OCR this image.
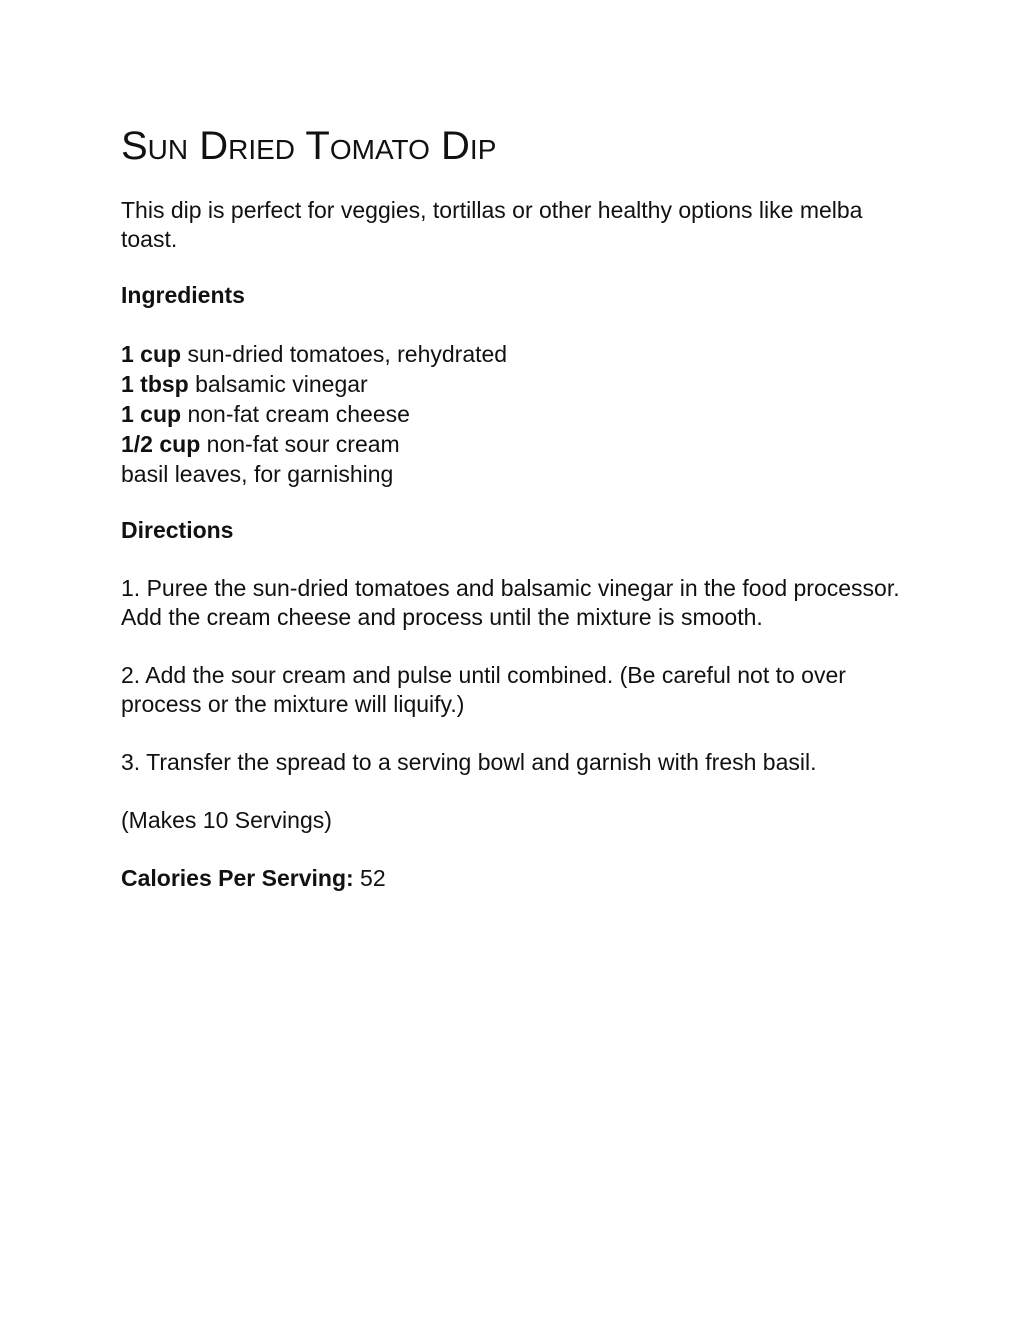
Sun Dried Tomato Dip

This dip is perfect for veggies, tortillas or other healthy options like melba toast.

Ingredients
1 cup sun-dried tomatoes, rehydrated
1 tbsp balsamic vinegar
1 cup non-fat cream cheese
1/2 cup non-fat sour cream
basil leaves, for garnishing
Directions

1. Puree the sun-dried tomatoes and balsamic vinegar in the food processor. Add the cream cheese and process until the mixture is smooth.

2. Add the sour cream and pulse until combined. (Be careful not to over process or the mixture will liquify.)

3. Transfer the spread to a serving bowl and garnish with fresh basil.

(Makes 10 Servings)

Calories Per Serving: 52
